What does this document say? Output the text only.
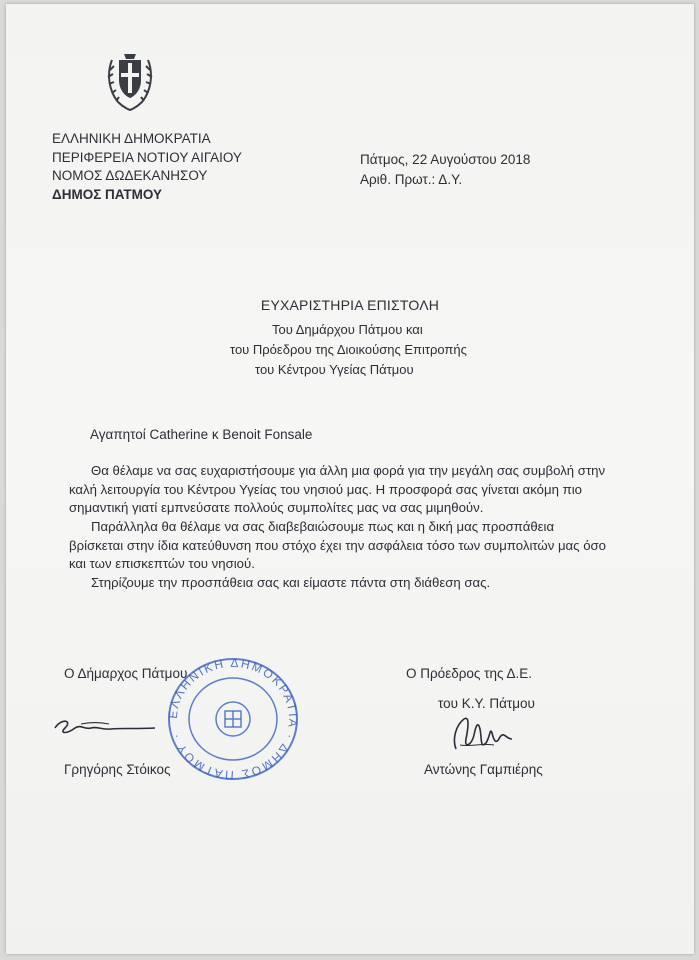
ΕΛΛΗΝΙΚΗ ΔΗΜΟΚΡΑΤΙΑ
ΠΕΡΙΦΕΡΕΙΑ ΝΟΤΙΟΥ ΑΙΓΑΙΟΥ
ΝΟΜΟΣ ΔΩΔΕΚΑΝΗΣΟΥ
ΔΗΜΟΣ ΠΑΤΜΟΥ
Πάτμος, 22 Αυγούστου 2018
Αριθ. Πρωτ.: Δ.Υ.
ΕΥΧΑΡΙΣΤΗΡΙΑ ΕΠΙΣΤΟΛΗ
Του Δημάρχου Πάτμου και
του Πρόεδρου της Διοικούσης Επιτροπής
του Κέντρου Υγείας Πάτμου
Αγαπητοί Catherine κ Benoit Fonsale

Θα θέλαμε να σας ευχαριστήσουμε για άλλη μια φορά για την μεγάλη σας συμβολή στην καλή λειτουργία του Κέντρου Υγείας του νησιού μας. Η προσφορά σας γίνεται ακόμη πιο σημαντική γιατί εμπνεύσατε πολλούς συμπολίτες μας να σας μιμηθούν.

Παράλληλα θα θέλαμε να σας διαβεβαιώσουμε πως και η δική μας προσπάθεια βρίσκεται στην ίδια κατεύθυνση που στόχο έχει την ασφάλεια τόσο των συμπολιτών μας όσο και των επισκεπτών του νησιού.

Στηρίζουμε την προσπάθεια σας και είμαστε πάντα στη διάθεση σας.

Ο Δήμαρχος Πάτμου
Γρηγόρης Στόικος
ΕΛΛΗΝΙΚΗ ΔΗΜΟΚΡΑΤΙΑ · ΔΗΜΟΣ ΠΑΤΜΟΥ ·
Ο Πρόεδρος της Δ.Ε.
του Κ.Υ. Πάτμου
Αντώνης Γαμπιέρης
